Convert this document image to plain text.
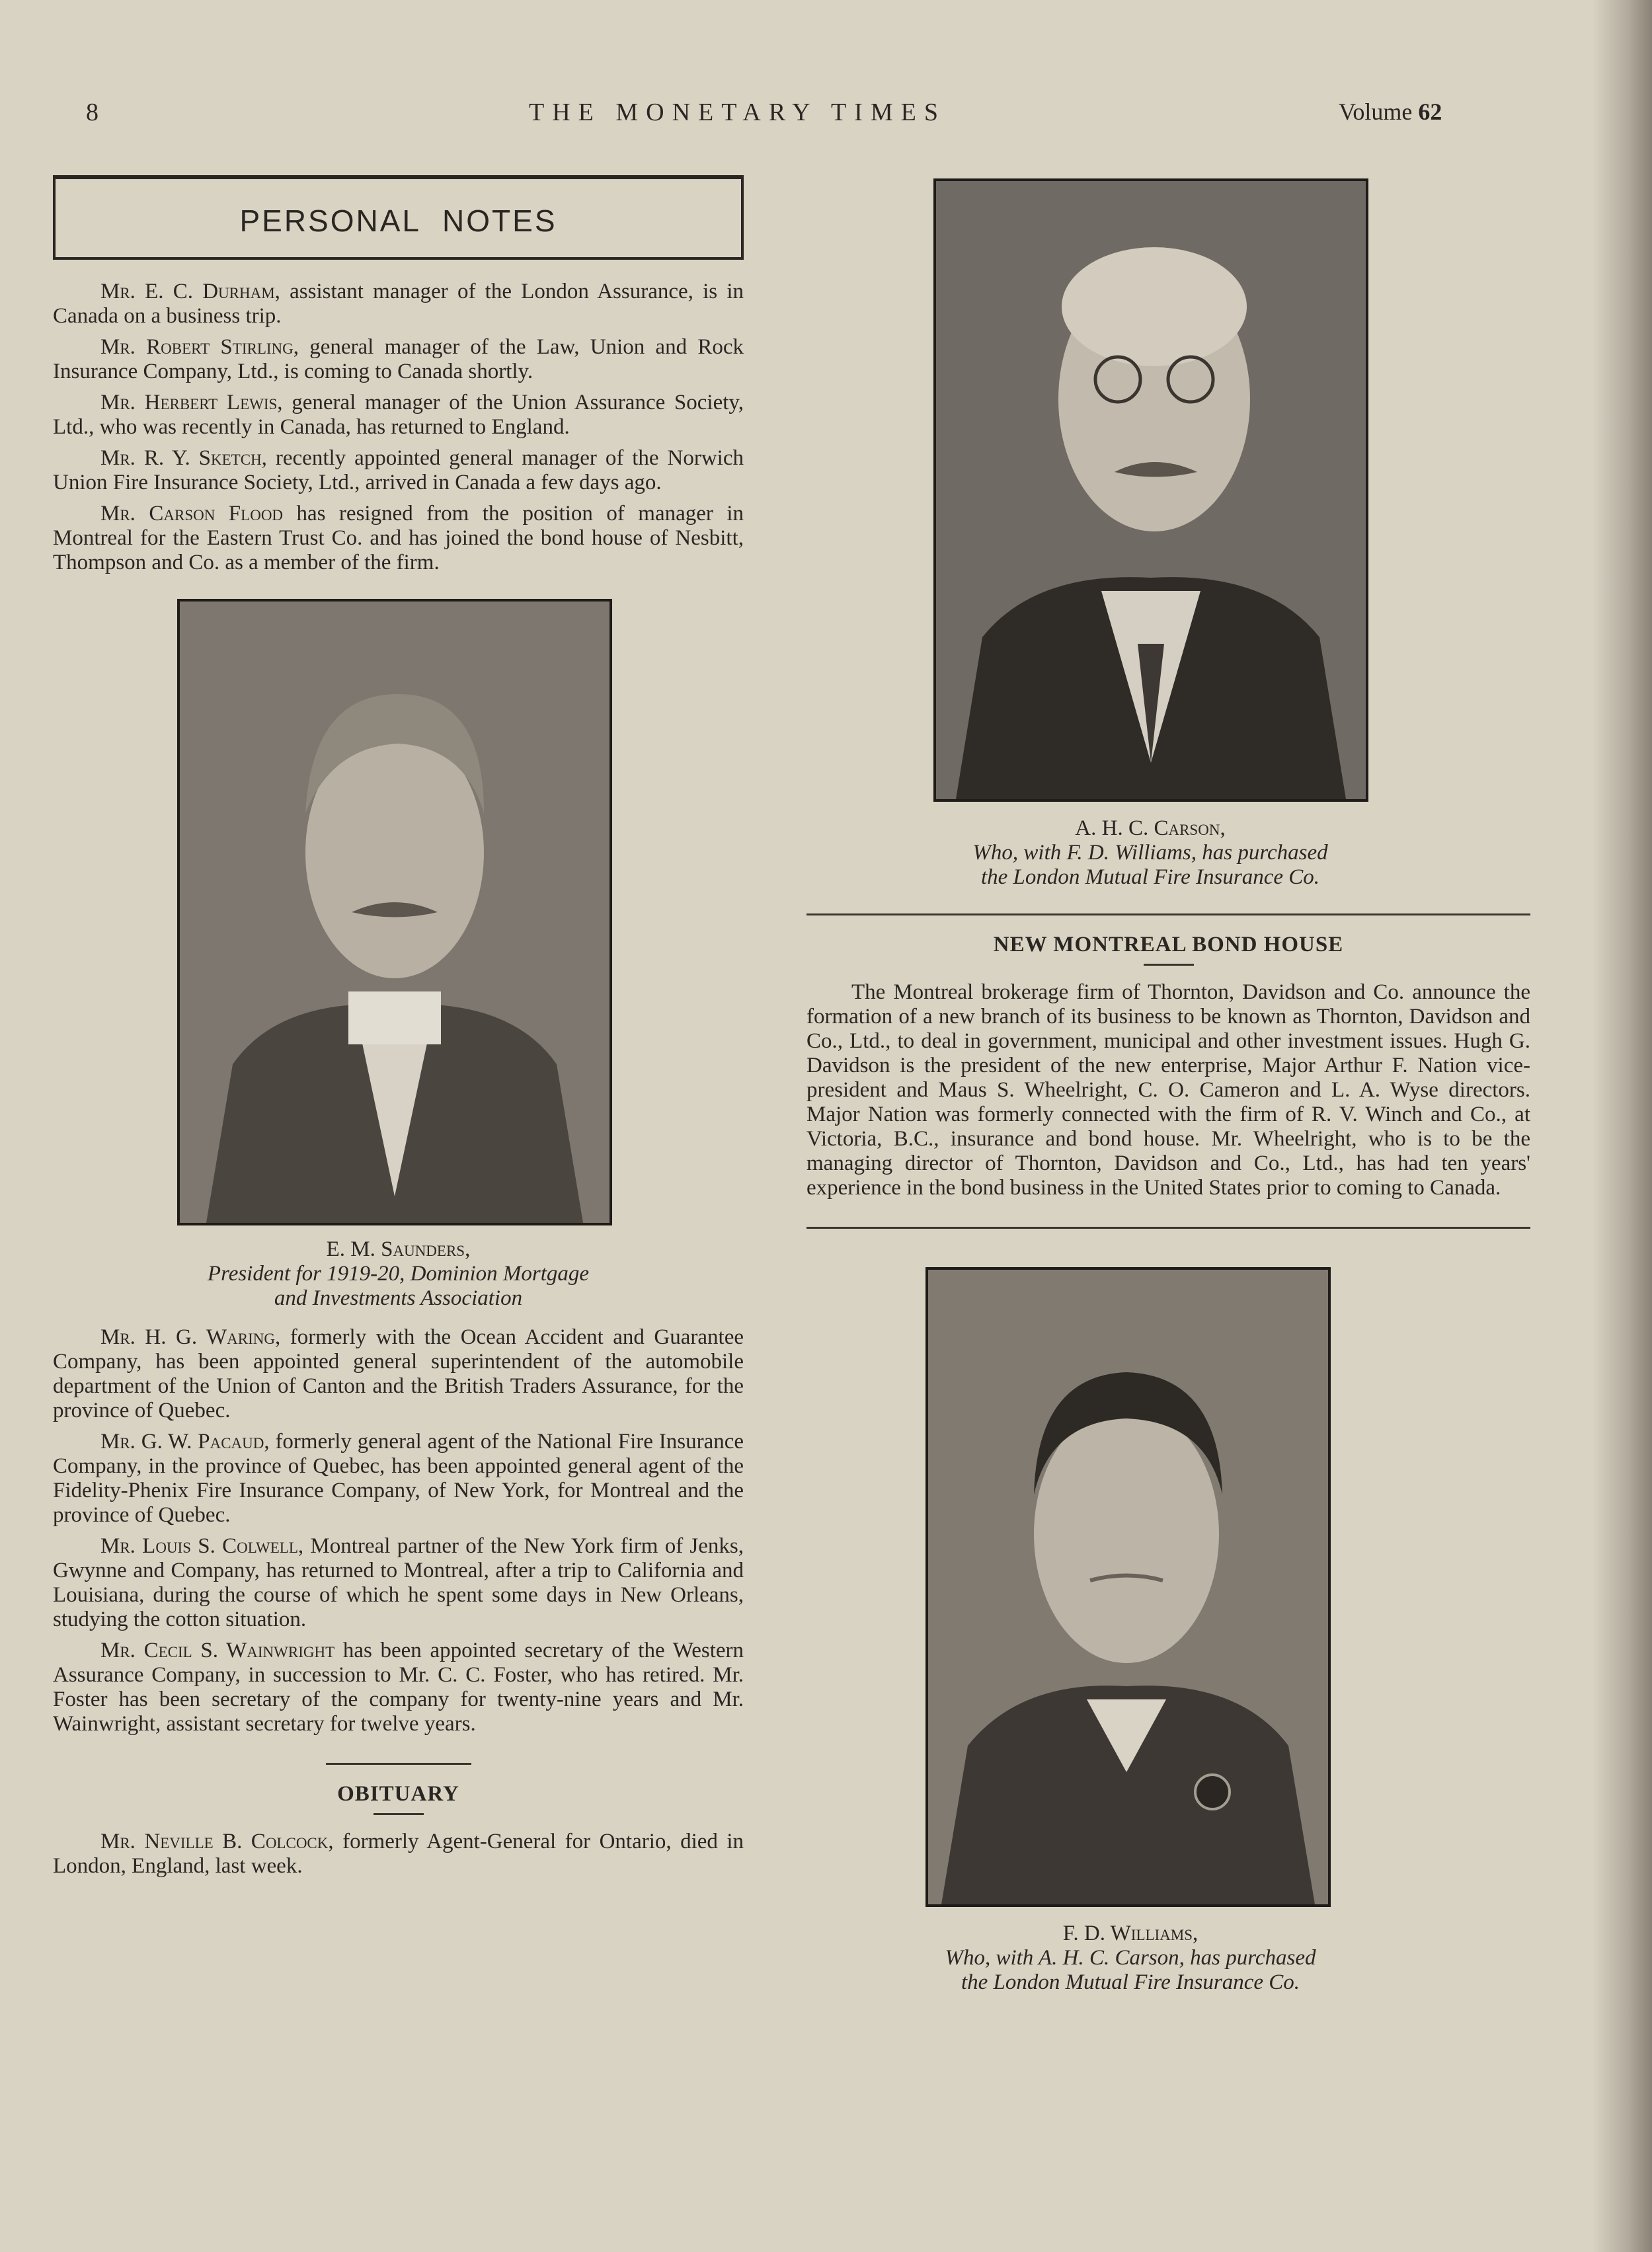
8	THE MONETARY TIMES	Volume 62
PERSONAL NOTES

Mr. E. C. Durham, assistant manager of the London Assurance, is in Canada on a business trip.

Mr. Robert Stirling, general manager of the Law, Union and Rock Insurance Company, Ltd., is coming to Canada shortly.

Mr. Herbert Lewis, general manager of the Union Assurance Society, Ltd., who was recently in Canada, has returned to England.

Mr. R. Y. Sketch, recently appointed general manager of the Norwich Union Fire Insurance Society, Ltd., arrived in Canada a few days ago.

Mr. Carson Flood has resigned from the position of manager in Montreal for the Eastern Trust Co. and has joined the bond house of Nesbitt, Thompson and Co. as a member of the firm.

E. M. Saunders,
President for 1919-20, Dominion Mortgage
and Investments Association

Mr. H. G. Waring, formerly with the Ocean Accident and Guarantee Company, has been appointed general superintendent of the automobile department of the Union of Canton and the British Traders Assurance, for the province of Quebec.

Mr. G. W. Pacaud, formerly general agent of the National Fire Insurance Company, in the province of Quebec, has been appointed general agent of the Fidelity-Phenix Fire Insurance Company, of New York, for Montreal and the province of Quebec.

Mr. Louis S. Colwell, Montreal partner of the New York firm of Jenks, Gwynne and Company, has returned to Montreal, after a trip to California and Louisiana, during the course of which he spent some days in New Orleans, studying the cotton situation.

Mr. Cecil S. Wainwright has been appointed secretary of the Western Assurance Company, in succession to Mr. C. C. Foster, who has retired. Mr. Foster has been secretary of the company for twenty-nine years and Mr. Wainwright, assistant secretary for twelve years.

OBITUARY

Mr. Neville B. Colcock, formerly Agent-General for Ontario, died in London, England, last week.

A. H. C. Carson,
Who, with F. D. Williams, has purchased
the London Mutual Fire Insurance Co.
NEW MONTREAL BOND HOUSE

The Montreal brokerage firm of Thornton, Davidson and Co. announce the formation of a new branch of its business to be known as Thornton, Davidson and Co., Ltd., to deal in government, municipal and other investment issues. Hugh G. Davidson is the president of the new enterprise, Major Arthur F. Nation vice-president and Maus S. Wheelright, C. O. Cameron and L. A. Wyse directors. Major Nation was formerly connected with the firm of R. V. Winch and Co., at Victoria, B.C., insurance and bond house. Mr. Wheelright, who is to be the managing director of Thornton, Davidson and Co., Ltd., has had ten years' experience in the bond business in the United States prior to coming to Canada.

F. D. Williams,
Who, with A. H. C. Carson, has purchased
the London Mutual Fire Insurance Co.
